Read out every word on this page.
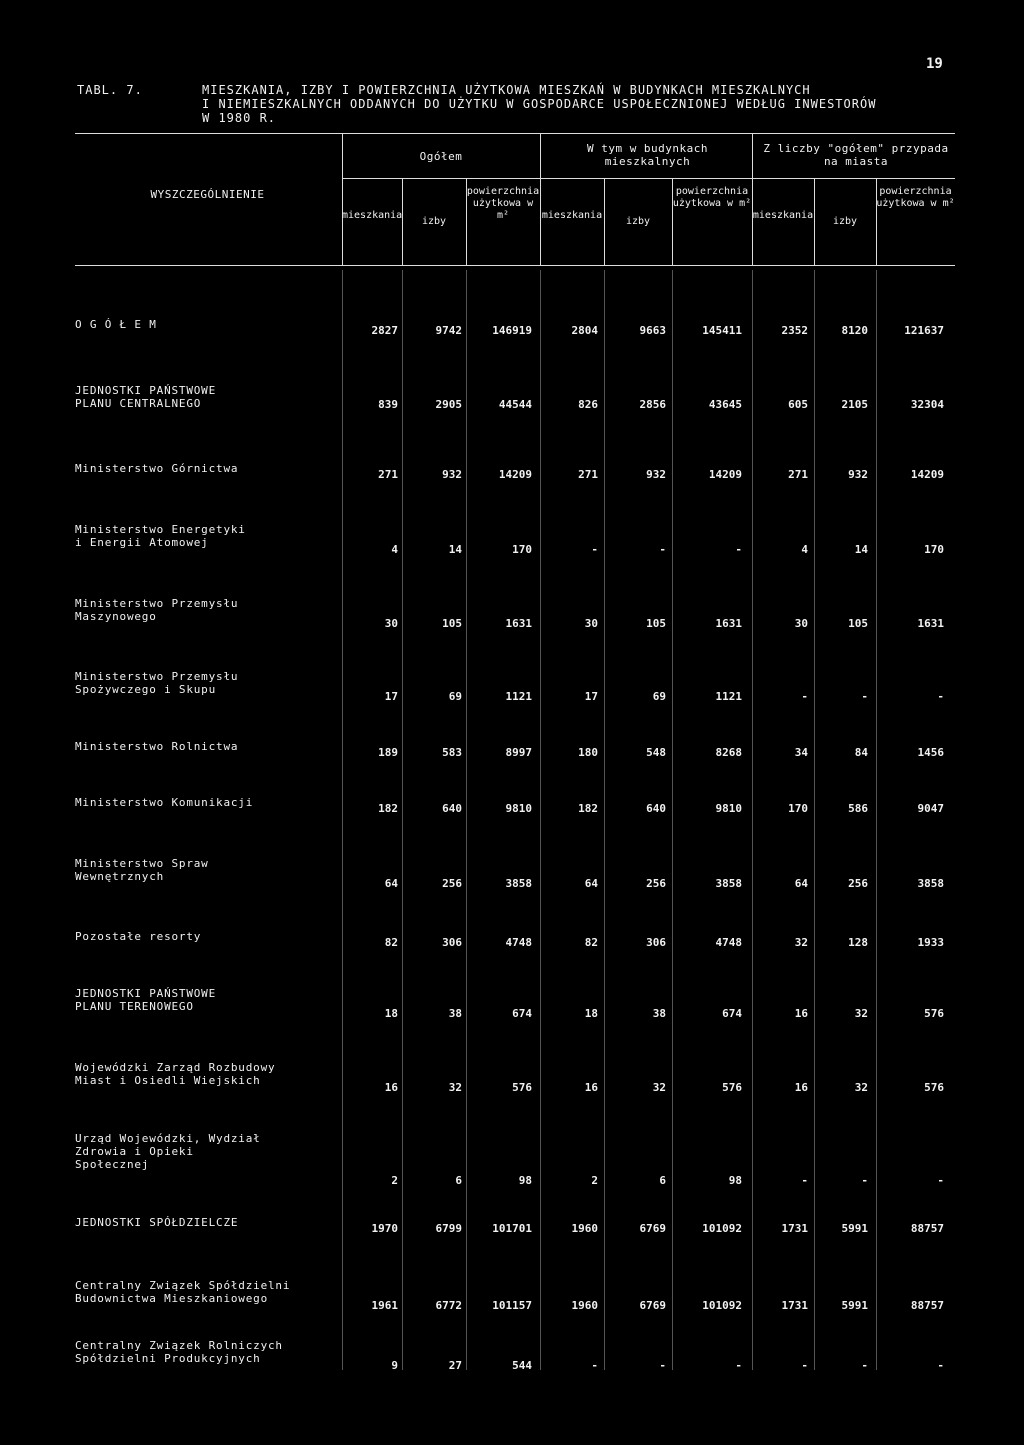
19
TABL. 7.	MIESZKANIA, IZBY I POWIERZCHNIA UŻYTKOWA MIESZKAŃ W BUDYNKACH MIESZKALNYCH
I NIEMIESZKALNYCH ODDANYCH DO UŻYTKU W GOSPODARCE USPOŁECZNIONEJ WEDŁUG INWESTORÓW
W 1980 R.
WYSZCZEGÓLNIENIE
Ogółem
W tym w budynkach mieszkalnych
Z liczby "ogółem" przypada na miasta
mieszkania
izby
powierzchnia użytkowa w m²	mieszkania
izby
powierzchnia użytkowa w m²
mieszkania
izby
powierzchnia użytkowa w m²
O G Ó Ł E M	2827	9742	146919	2804	9663	145411	2352	8120	121637
JEDNOSTKI PAŃSTWOWE
PLANU CENTRALNEGO	839	2905	44544	826	2856	43645	605	2105	32304
Ministerstwo Górnictwa	271	932	14209	271	932	14209	271	932	14209
Ministerstwo Energetyki
i Energii Atomowej
4	14	170	-	-	-	4	14	170
Ministerstwo Przemysłu
Maszynowego
30	105	1631	30	105	1631	30	105	1631
Ministerstwo Przemysłu
Spożywczego i Skupu
17	69	1121	17	69	1121	-	-	-
Ministerstwo Rolnictwa	189	583	8997	180	548	8268	34	84	1456
Ministerstwo Komunikacji	182	640	9810	182	640	9810	170	586	9047
Ministerstwo Spraw
Wewnętrznych
64	256	3858	64	256	3858	64	256	3858
Pozostałe resorty	82	306	4748	82	306	4748	32	128	1933
JEDNOSTKI PAŃSTWOWE
PLANU TERENOWEGO
18	38	674	18	38	674	16	32	576
Wojewódzki Zarząd Rozbudowy
Miast i Osiedli Wiejskich
16	32	576	16	32	576	16	32	576
Urząd Wojewódzki, Wydział
Zdrowia i Opieki
Społecznej
2	6	98	2	6	98	-	-	-
JEDNOSTKI SPÓŁDZIELCZE	1970	6799	101701	1960	6769	101092	1731	5991	88757
Centralny Związek Spółdzielni
Budownictwa Mieszkaniowego
1961	6772	101157	1960	6769	101092	1731	5991	88757
Centralny Związek Rolniczych
Spółdzielni Produkcyjnych
9	27	544	-	-	-	-	-	-
